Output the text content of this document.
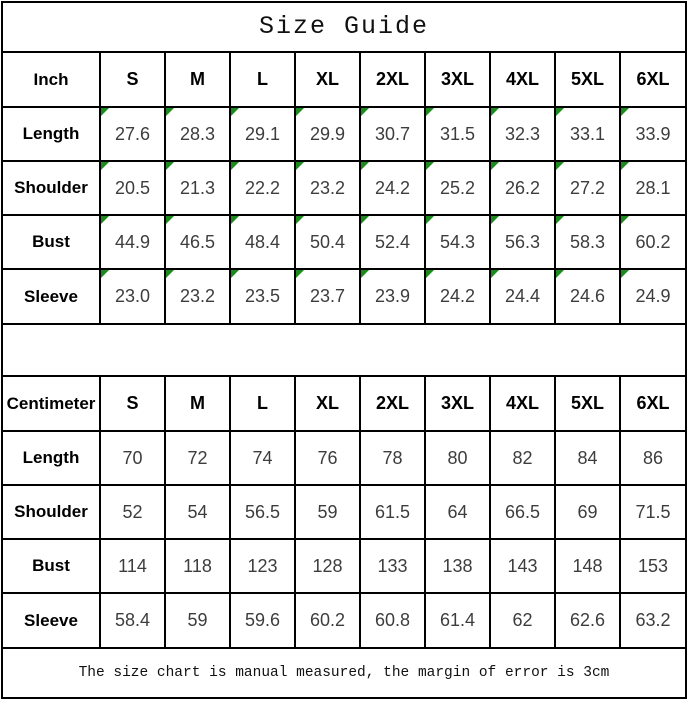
Size Guide
Inch	S	M	L	XL	2XL	3XL	4XL	5XL	6XL
Length	27.6	28.3	29.1	29.9	30.7	31.5	32.3	33.1	33.9
Shoulder	20.5	21.3	22.2	23.2	24.2	25.2	26.2	27.2	28.1
Bust	44.9	46.5	48.4	50.4	52.4	54.3	56.3	58.3	60.2
Sleeve	23.0	23.2	23.5	23.7	23.9	24.2	24.4	24.6	24.9
Centimeter	S	M	L	XL	2XL	3XL	4XL	5XL	6XL
Length	70	72	74	76	78	80	82	84	86
Shoulder	52	54	56.5	59	61.5	64	66.5	69	71.5
Bust	114	118	123	128	133	138	143	148	153
Sleeve	58.4	59	59.6	60.2	60.8	61.4	62	62.6	63.2
The size chart is manual measured, the margin of error is 3cm
